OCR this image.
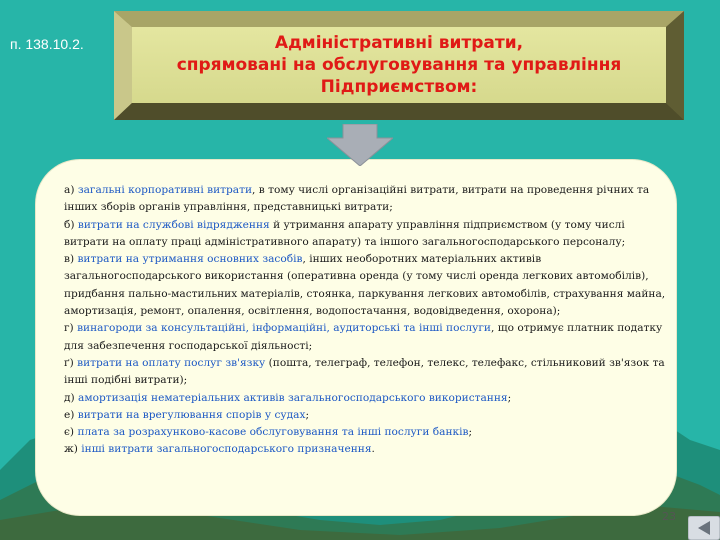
п. 138.10.2.	Адміністративні витрати,
спрямовані на обслуговування та управління
Підприємством:

а) загальні корпоративні витрати, в тому числі організаційні витрати, витрати на проведення річних та інших зборів органів управління, представницькі витрати;

б) витрати на службові відрядження й утримання апарату управління підприємством (у тому числі витрати на оплату праці адміністративного апарату) та іншого загальногосподарського персоналу;

в) витрати на утримання основних засобів, інших необоротних матеріальних активів загальногосподарського використання (оперативна оренда (у тому числі оренда легкових автомобілів), придбання пально-мастильних матеріалів, стоянка, паркування легкових автомобілів, страхування майна, амортизація, ремонт, опалення, освітлення, водопостачання, водовідведення, охорона);

г) винагороди за консультаційні, інформаційні, аудиторські та інші послуги, що отримує платник податку для забезпечення господарської діяльності;

ґ) витрати на оплату послуг зв'язку (пошта, телеграф, телефон, телекс, телефакс, стільниковий зв'язок та інші подібні витрати);

д) амортизація нематеріальних активів загальногосподарського використання;

е) витрати на врегулювання спорів у судах;

є) плата за розрахунково-касове обслуговування та інші послуги банків;

ж) інші витрати загальногосподарського призначення.

23
